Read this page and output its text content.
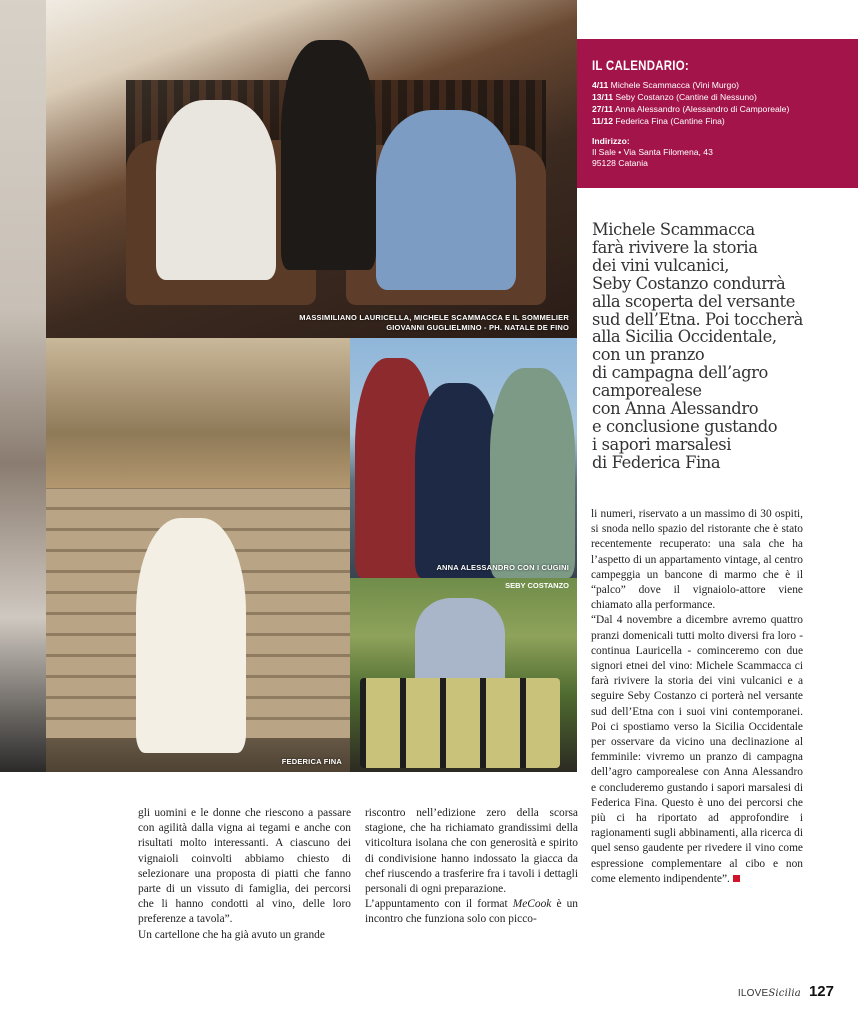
MASSIMILIANO LAURICELLA, MICHELE SCAMMACCA E IL SOMMELIER
GIOVANNI GUGLIELMINO - PH. NATALE DE FINO
FEDERICA FINA
ANNA ALESSANDRO CON I CUGINI
SEBY COSTANZO
IL CALENDARIO:
4/11 Michele Scammacca (Vini Murgo)
13/11 Seby Costanzo (Cantine di Nessuno)
27/11 Anna Alessandro (Alessandro di Camporeale)
11/12 Federica Fina (Cantine Fina)
Indirizzo:
Il Sale • Via Santa Filomena, 43
95128 Catania
Michele Scammacca
farà rivivere la storia
dei vini vulcanici,
Seby Costanzo condurrà
alla scoperta del versante
sud dell’Etna. Poi toccherà
alla Sicilia Occidentale,
con un pranzo
di campagna dell’agro
camporealese
con Anna Alessandro
e conclusione gustando
i sapori marsalesi
di Federica Fina

li numeri, riservato a un massimo di 30 ospiti, si snoda nello spazio del ristorante che è stato recentemente recuperato: una sala che ha l’aspetto di un appartamento vintage, al centro campeggia un bancone di marmo che è il “palco” dove il vignaiolo-attore viene chiamato alla performance.

“Dal 4 novembre a dicembre avremo quattro pranzi domenicali tutti molto diversi fra loro - continua Lauricella - cominceremo con due signori etnei del vino: Michele Scammacca ci farà rivivere la storia dei vini vulcanici e a seguire Seby Costanzo ci porterà nel versante sud dell’Etna con i suoi vini contemporanei. Poi ci spostiamo verso la Sicilia Occidentale per osservare da vicino una declinazione al femminile: vivremo un pranzo di campagna dell’agro camporealese con Anna Alessandro e concluderemo gustando i sapori marsalesi di Federica Fina. Questo è uno dei percorsi che più ci ha riportato ad approfondire i ragionamenti sugli abbinamenti, alla ricerca di quel senso gaudente per rivedere il vino come espressione complementare al cibo e non come elemento indipendente”.

gli uomini e le donne che riescono a passare con agilità dalla vigna ai tegami e anche con risultati molto interessanti. A ciascuno dei vignaioli coinvolti abbiamo chiesto di selezionare una proposta di piatti che fanno parte di un vissuto di famiglia, dei percorsi che li hanno condotti al vino, delle loro preferenze a tavola”.

Un cartellone che ha già avuto un grande

riscontro nell’edizione zero della scorsa stagione, che ha richiamato grandissimi della viticoltura isolana che con generosità e spirito di condivisione hanno indossato la giacca da chef riuscendo a trasferire fra i tavoli i dettagli personali di ogni preparazione.

L’appuntamento con il format MeCook è un incontro che funziona solo con picco-

ILOVESicilia 127
